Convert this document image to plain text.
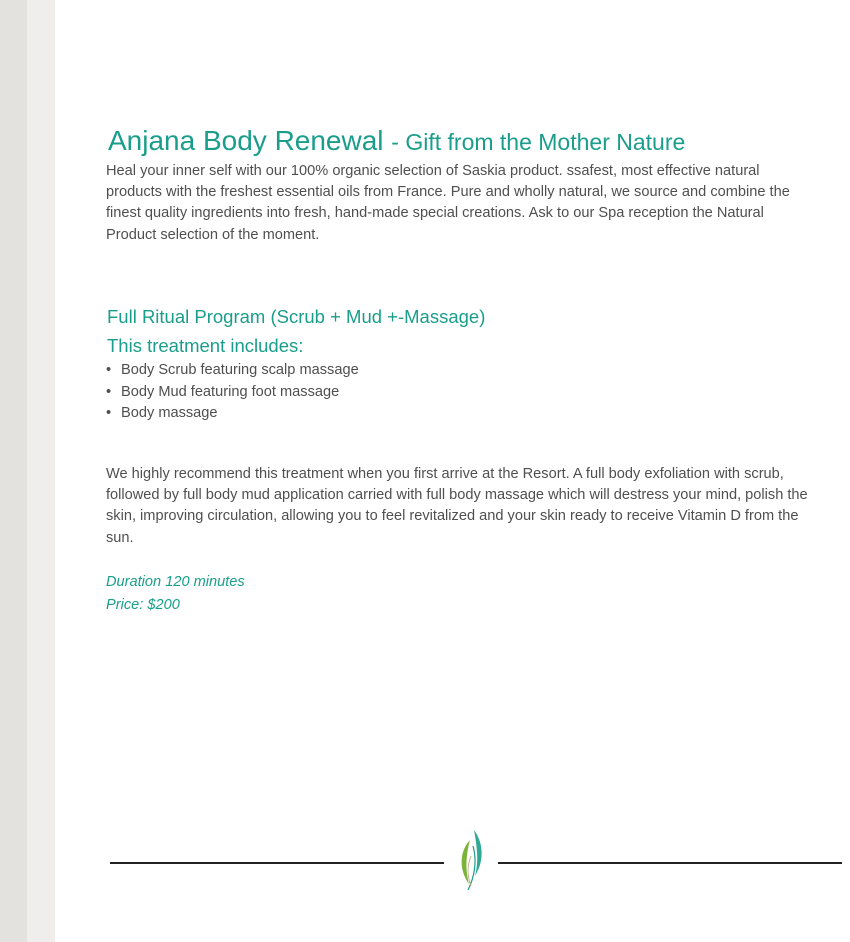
Anjana Body Renewal - Gift from the Mother Nature

Heal your inner self with our 100% organic selection of Saskia product. ssafest, most effective natural products with the freshest essential oils from France. Pure and wholly natural, we source and combine the finest quality ingredients into fresh, hand-made special creations. Ask to our Spa reception the Natural Product selection of the moment.

Full Ritual Program (Scrub + Mud +-Massage)
This treatment includes:
• Body Scrub featuring scalp massage
• Body Mud featuring foot massage
• Body massage

We highly recommend this treatment when you first arrive at the Resort. A full body exfoliation with scrub, followed by full body mud application carried with full body massage which will destress your mind, polish the skin, improving circulation, allowing you to feel revitalized and your skin ready to receive Vitamin D from the sun.

Duration 120 minutes
Price: $200
